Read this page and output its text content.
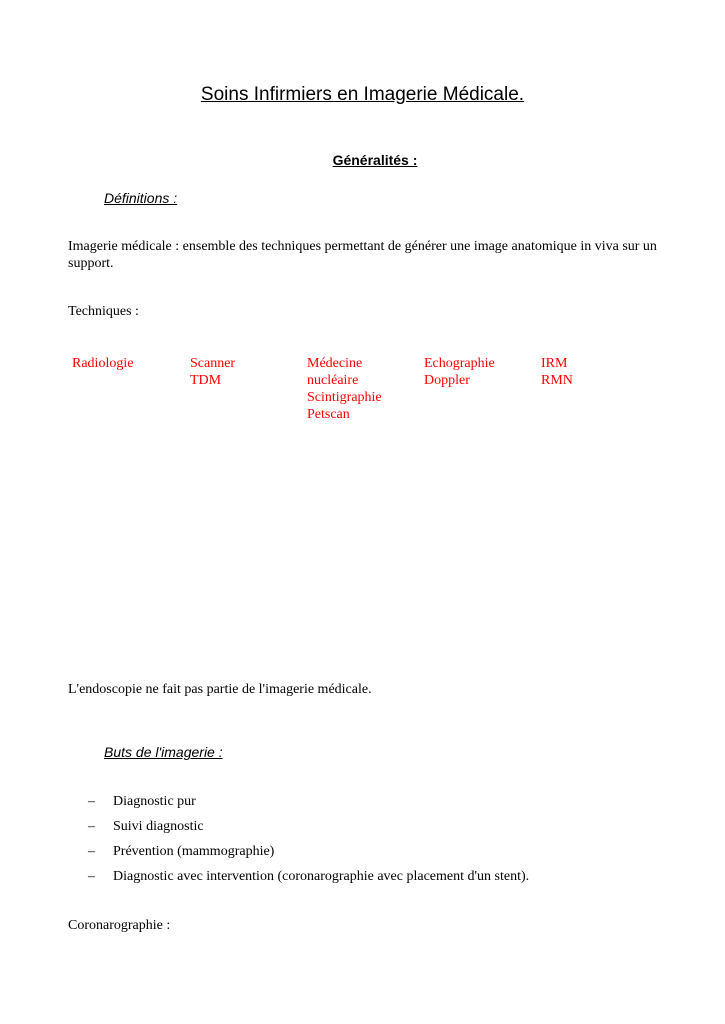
Soins Infirmiers en Imagerie Médicale.
Généralités :
Définitions :
Imagerie médicale : ensemble des techniques permettant de générer une image anatomique in viva sur un support.
Techniques :
Radiologie	Scanner
TDM
Médecine
nucléaire
Scintigraphie
Petscan
Echographie
Doppler
IRM
RMN
L'endoscopie ne fait pas partie de l'imagerie médicale.
Buts de l'imagerie :
– Diagnostic pur
– Suivi diagnostic
– Prévention (mammographie)
– Diagnostic avec intervention (coronarographie avec placement d'un stent).
Coronarographie :
